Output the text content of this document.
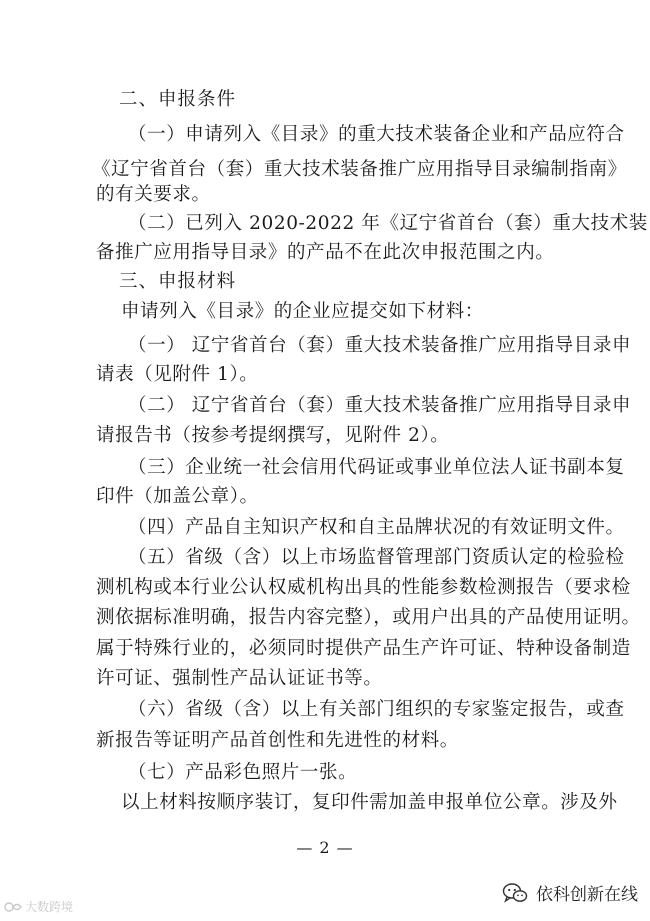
二、申报条件
（一）申请列入《目录》的重大技术装备企业和产品应符合
《辽宁省首台（套）重大技术装备推广应用指导目录编制指南》
的有关要求。
（二）已列入 2020-2022 年《辽宁省首台（套）重大技术装
备推广应用指导目录》的产品不在此次申报范围之内。
三、申报材料
申请列入《目录》的企业应提交如下材料：
（一） 辽宁省首台（套）重大技术装备推广应用指导目录申
请表（见附件 1）。
（二） 辽宁省首台（套）重大技术装备推广应用指导目录申
请报告书（按参考提纲撰写，见附件 2）。
（三）企业统一社会信用代码证或事业单位法人证书副本复
印件（加盖公章）。
（四）产品自主知识产权和自主品牌状况的有效证明文件。
（五）省级（含）以上市场监督管理部门资质认定的检验检
测机构或本行业公认权威机构出具的性能参数检测报告（要求检
测依据标准明确，报告内容完整），或用户出具的产品使用证明。
属于特殊行业的，必须同时提供产品生产许可证、特种设备制造
许可证、强制性产品认证证书等。
（六）省级（含）以上有关部门组织的专家鉴定报告，或查
新报告等证明产品首创性和先进性的材料。
（七）产品彩色照片一张。
以上材料按顺序装订，复印件需加盖申报单位公章。涉及外
— 2 —
大数跨境
依科创新在线
